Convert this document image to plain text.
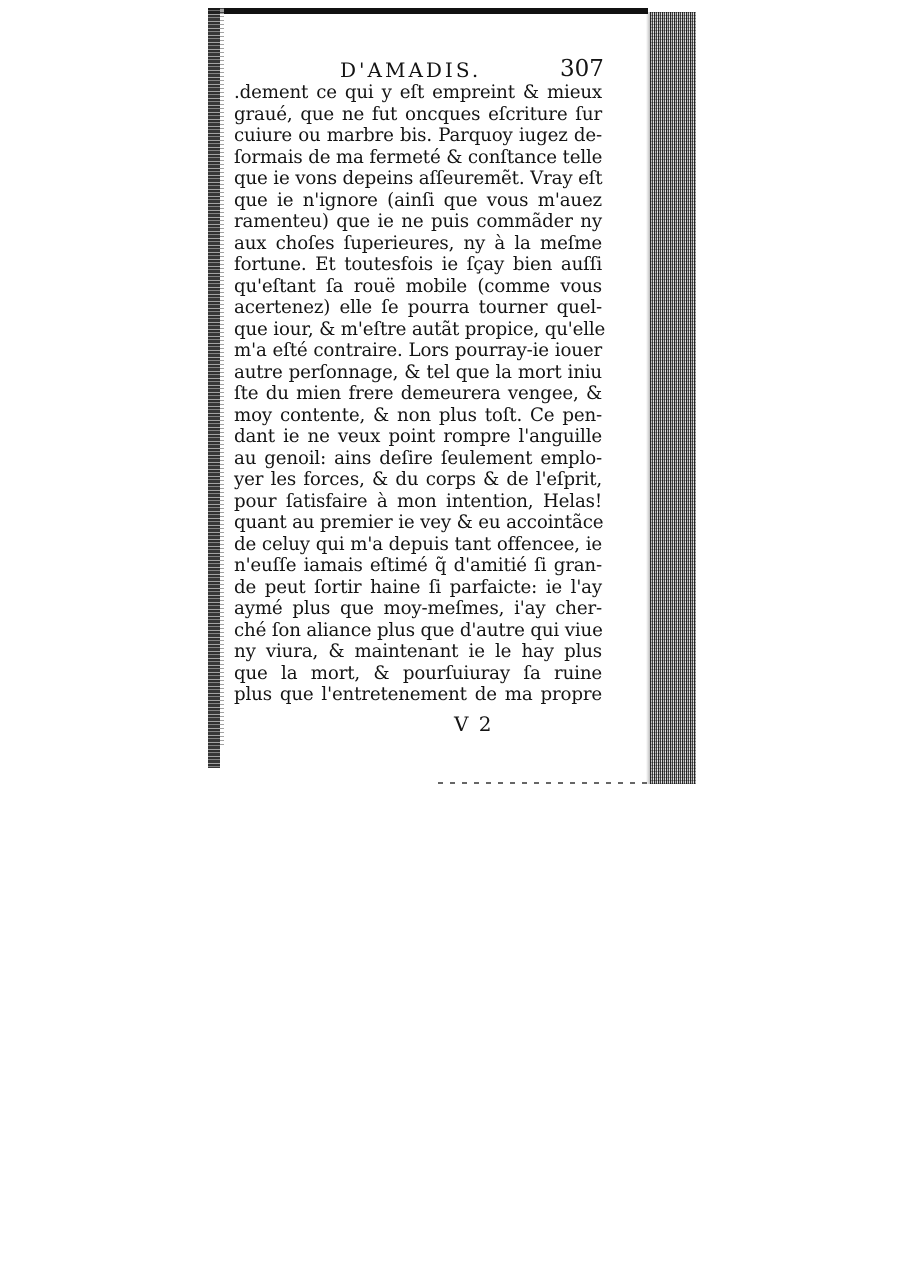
D'AMADIS.	307
.dement ce qui y eſt empreint & mieux
graué, que ne fut oncques eſcriture ſur
cuiure ou marbre bis. Parquoy iugez de-
ſormais de ma fermeté & conſtance telle
que ie vons depeins aſſeuremẽt. Vray eſt
que ie n'ignore (ainſi que vous m'auez
ramenteu) que ie ne puis commãder ny
aux choſes ſuperieures, ny à la meſme
fortune. Et toutesfois ie ſçay bien auſſi
qu'eſtant ſa rouë mobile (comme vous
acertenez) elle ſe pourra tourner quel-
que iour, & m'eſtre autãt propice, qu'elle
m'a eſté contraire. Lors pourray-ie iouer
autre perſonnage, & tel que la mort iniu
ſte du mien frere demeurera vengee, &
moy contente, & non plus toſt. Ce pen-
dant ie ne veux point rompre l'anguille
au genoil: ains deſire ſeulement emplo-
yer les forces, & du corps & de l'eſprit,
pour ſatisfaire à mon intention, Helas!
quant au premier ie vey & eu accointãce
de celuy qui m'a depuis tant offencee, ie
n'euſſe iamais eſtimé q̃ d'amitié ſi gran-
de peut ſortir haine ſi parfaicte: ie l'ay
aymé plus que moy-meſmes, i'ay cher-
ché ſon aliance plus que d'autre qui viue
ny viura, & maintenant ie le hay plus
que la mort, & pourſuiuray ſa ruine
plus que l'entretenement de ma propre
V 2
